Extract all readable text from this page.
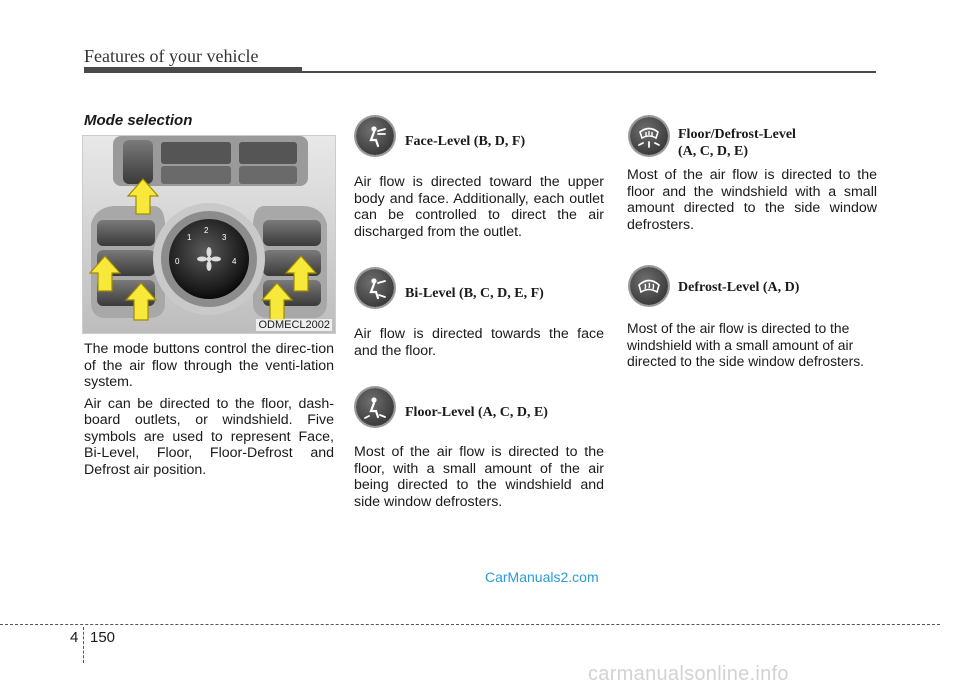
Features of your vehicle
Mode selection
0
1
2
3
4
ODMECL2002

The mode buttons control the direc-tion of the air flow through the venti-lation system.

Air can be directed to the floor, dash-board outlets, or windshield. Five symbols are used to represent Face, Bi-Level, Floor, Floor-Defrost and Defrost air position.

Face-Level (B, D, F)

Air flow is directed toward the upper body and face. Additionally, each outlet can be controlled to direct the air discharged from the outlet.

Bi-Level (B, C, D, E, F)

Air flow is directed towards the face and the floor.

Floor-Level (A, C, D, E)

Most of the air flow is directed to the floor, with a small amount of the air being directed to the windshield and side window defrosters.

Floor/Defrost-Level
(A, C, D, E)

Most of the air flow is directed to the floor and the windshield with a small amount directed to the side window defrosters.

Defrost-Level (A, D)

Most of the air flow is directed to the windshield with a small amount of air directed to the side window defrosters.

CarManuals2.com
4 150
carmanualsonline.info
